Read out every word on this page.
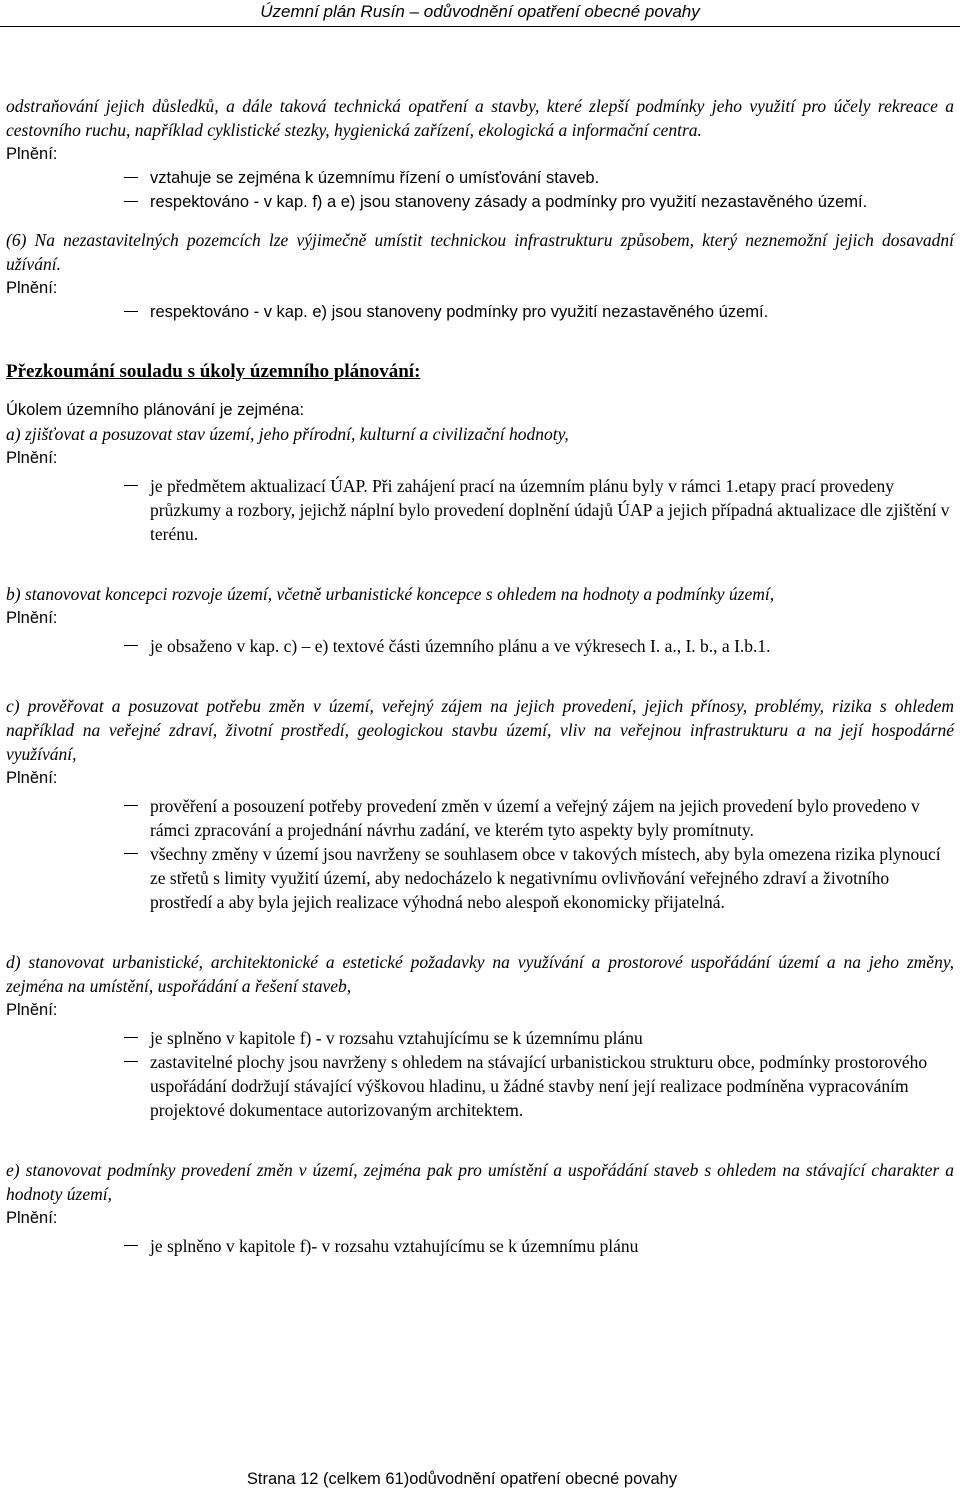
Územní plán Rusín – odůvodnění opatření obecné povahy

odstraňování jejich důsledků, a dále taková technická opatření a stavby, které zlepší podmínky jeho využití pro účely rekreace a cestovního ruchu, například cyklistické stezky, hygienická zařízení, ekologická a informační centra.

Plnění:
vztahuje se zejména k územnímu řízení o umísťování staveb.
respektováno - v kap. f) a e) jsou stanoveny zásady a podmínky pro využití nezastavěného území.

(6) Na nezastavitelných pozemcích lze výjimečně umístit technickou infrastrukturu způsobem, který neznemožní jejich dosavadní užívání.

Plnění:
respektováno - v kap. e) jsou stanoveny podmínky pro využití nezastavěného území.
Přezkoumání souladu s úkoly územního plánování:

Úkolem územního plánování je zejména:

a) zjišťovat a posuzovat stav území, jeho přírodní, kulturní a civilizační hodnoty,

Plnění:
je předmětem aktualizací ÚAP. Při zahájení prací na územním plánu byly v rámci 1.etapy prací provedeny průzkumy a rozbory, jejichž náplní bylo provedení doplnění údajů ÚAP a jejich případná aktualizace dle zjištění v terénu.

b) stanovovat koncepci rozvoje území, včetně urbanistické koncepce s ohledem na hodnoty a podmínky území,

Plnění:
je obsaženo v kap. c) – e) textové části územního plánu a ve výkresech I. a., I. b., a I.b.1.

c) prověřovat a posuzovat potřebu změn v území, veřejný zájem na jejich provedení, jejich přínosy, problémy, rizika s ohledem například na veřejné zdraví, životní prostředí, geologickou stavbu území, vliv na veřejnou infrastrukturu a na její hospodárné využívání,

Plnění:
prověření a posouzení potřeby provedení změn v území a veřejný zájem na jejich provedení bylo provedeno v rámci zpracování a projednání návrhu zadání, ve kterém tyto aspekty byly promítnuty.
všechny změny v území jsou navrženy se souhlasem obce v takových místech, aby byla omezena rizika plynoucí ze střetů s limity využití území, aby nedocházelo k negativnímu ovlivňování veřejného zdraví a životního prostředí a aby byla jejich realizace výhodná nebo alespoň ekonomicky přijatelná.

d) stanovovat urbanistické, architektonické a estetické požadavky na využívání a prostorové uspořádání území a na jeho změny, zejména na umístění, uspořádání a řešení staveb,

Plnění:
je splněno v kapitole f) - v rozsahu vztahujícímu se k územnímu plánu
zastavitelné plochy jsou navrženy s ohledem na stávající urbanistickou strukturu obce, podmínky prostorového uspořádání dodržují stávající výškovou hladinu, u žádné stavby není její realizace podmíněna vypracováním projektové dokumentace autorizovaným architektem.

e) stanovovat podmínky provedení změn v území, zejména pak pro umístění a uspořádání staveb s ohledem na stávající charakter a hodnoty území,

Plnění:
je splněno v kapitole f)- v rozsahu vztahujícímu se k územnímu plánu
Strana 12 (celkem 61)odůvodnění opatření obecné povahy
